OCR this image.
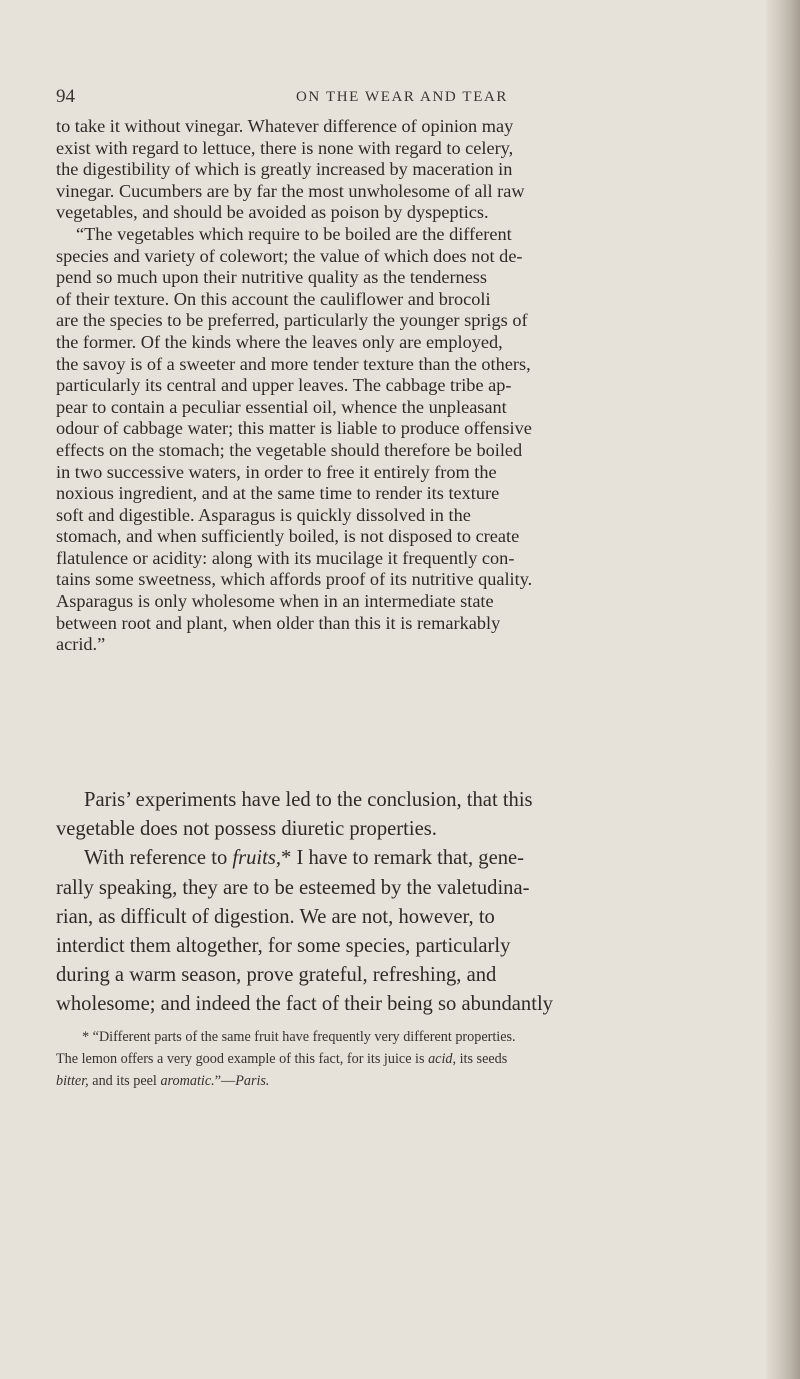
94	ON THE WEAR AND TEAR
to take it without vinegar. Whatever difference of opinion may
exist with regard to lettuce, there is none with regard to celery,
the digestibility of which is greatly increased by maceration in
vinegar. Cucumbers are by far the most unwholesome of all raw
vegetables, and should be avoided as poison by dyspeptics.
“The vegetables which require to be boiled are the different
species and variety of colewort; the value of which does not de-
pend so much upon their nutritive quality as the tenderness
of their texture. On this account the cauliflower and brocoli
are the species to be preferred, particularly the younger sprigs of
the former. Of the kinds where the leaves only are employed,
the savoy is of a sweeter and more tender texture than the others,
particularly its central and upper leaves. The cabbage tribe ap-
pear to contain a peculiar essential oil, whence the unpleasant
odour of cabbage water; this matter is liable to produce offensive
effects on the stomach; the vegetable should therefore be boiled
in two successive waters, in order to free it entirely from the
noxious ingredient, and at the same time to render its texture
soft and digestible. Asparagus is quickly dissolved in the
stomach, and when sufficiently boiled, is not disposed to create
flatulence or acidity: along with its mucilage it frequently con-
tains some sweetness, which affords proof of its nutritive quality.
Asparagus is only wholesome when in an intermediate state
between root and plant, when older than this it is remarkably
acrid.”
Paris’ experiments have led to the conclusion, that this
vegetable does not possess diuretic properties.
With reference to fruits,* I have to remark that, gene-
rally speaking, they are to be esteemed by the valetudina-
rian, as difficult of digestion. We are not, however, to
interdict them altogether, for some species, particularly
during a warm season, prove grateful, refreshing, and
wholesome; and indeed the fact of their being so abundantly
* “Different parts of the same fruit have frequently very different properties.
The lemon offers a very good example of this fact, for its juice is acid, its seeds
bitter, and its peel aromatic.”—Paris.
